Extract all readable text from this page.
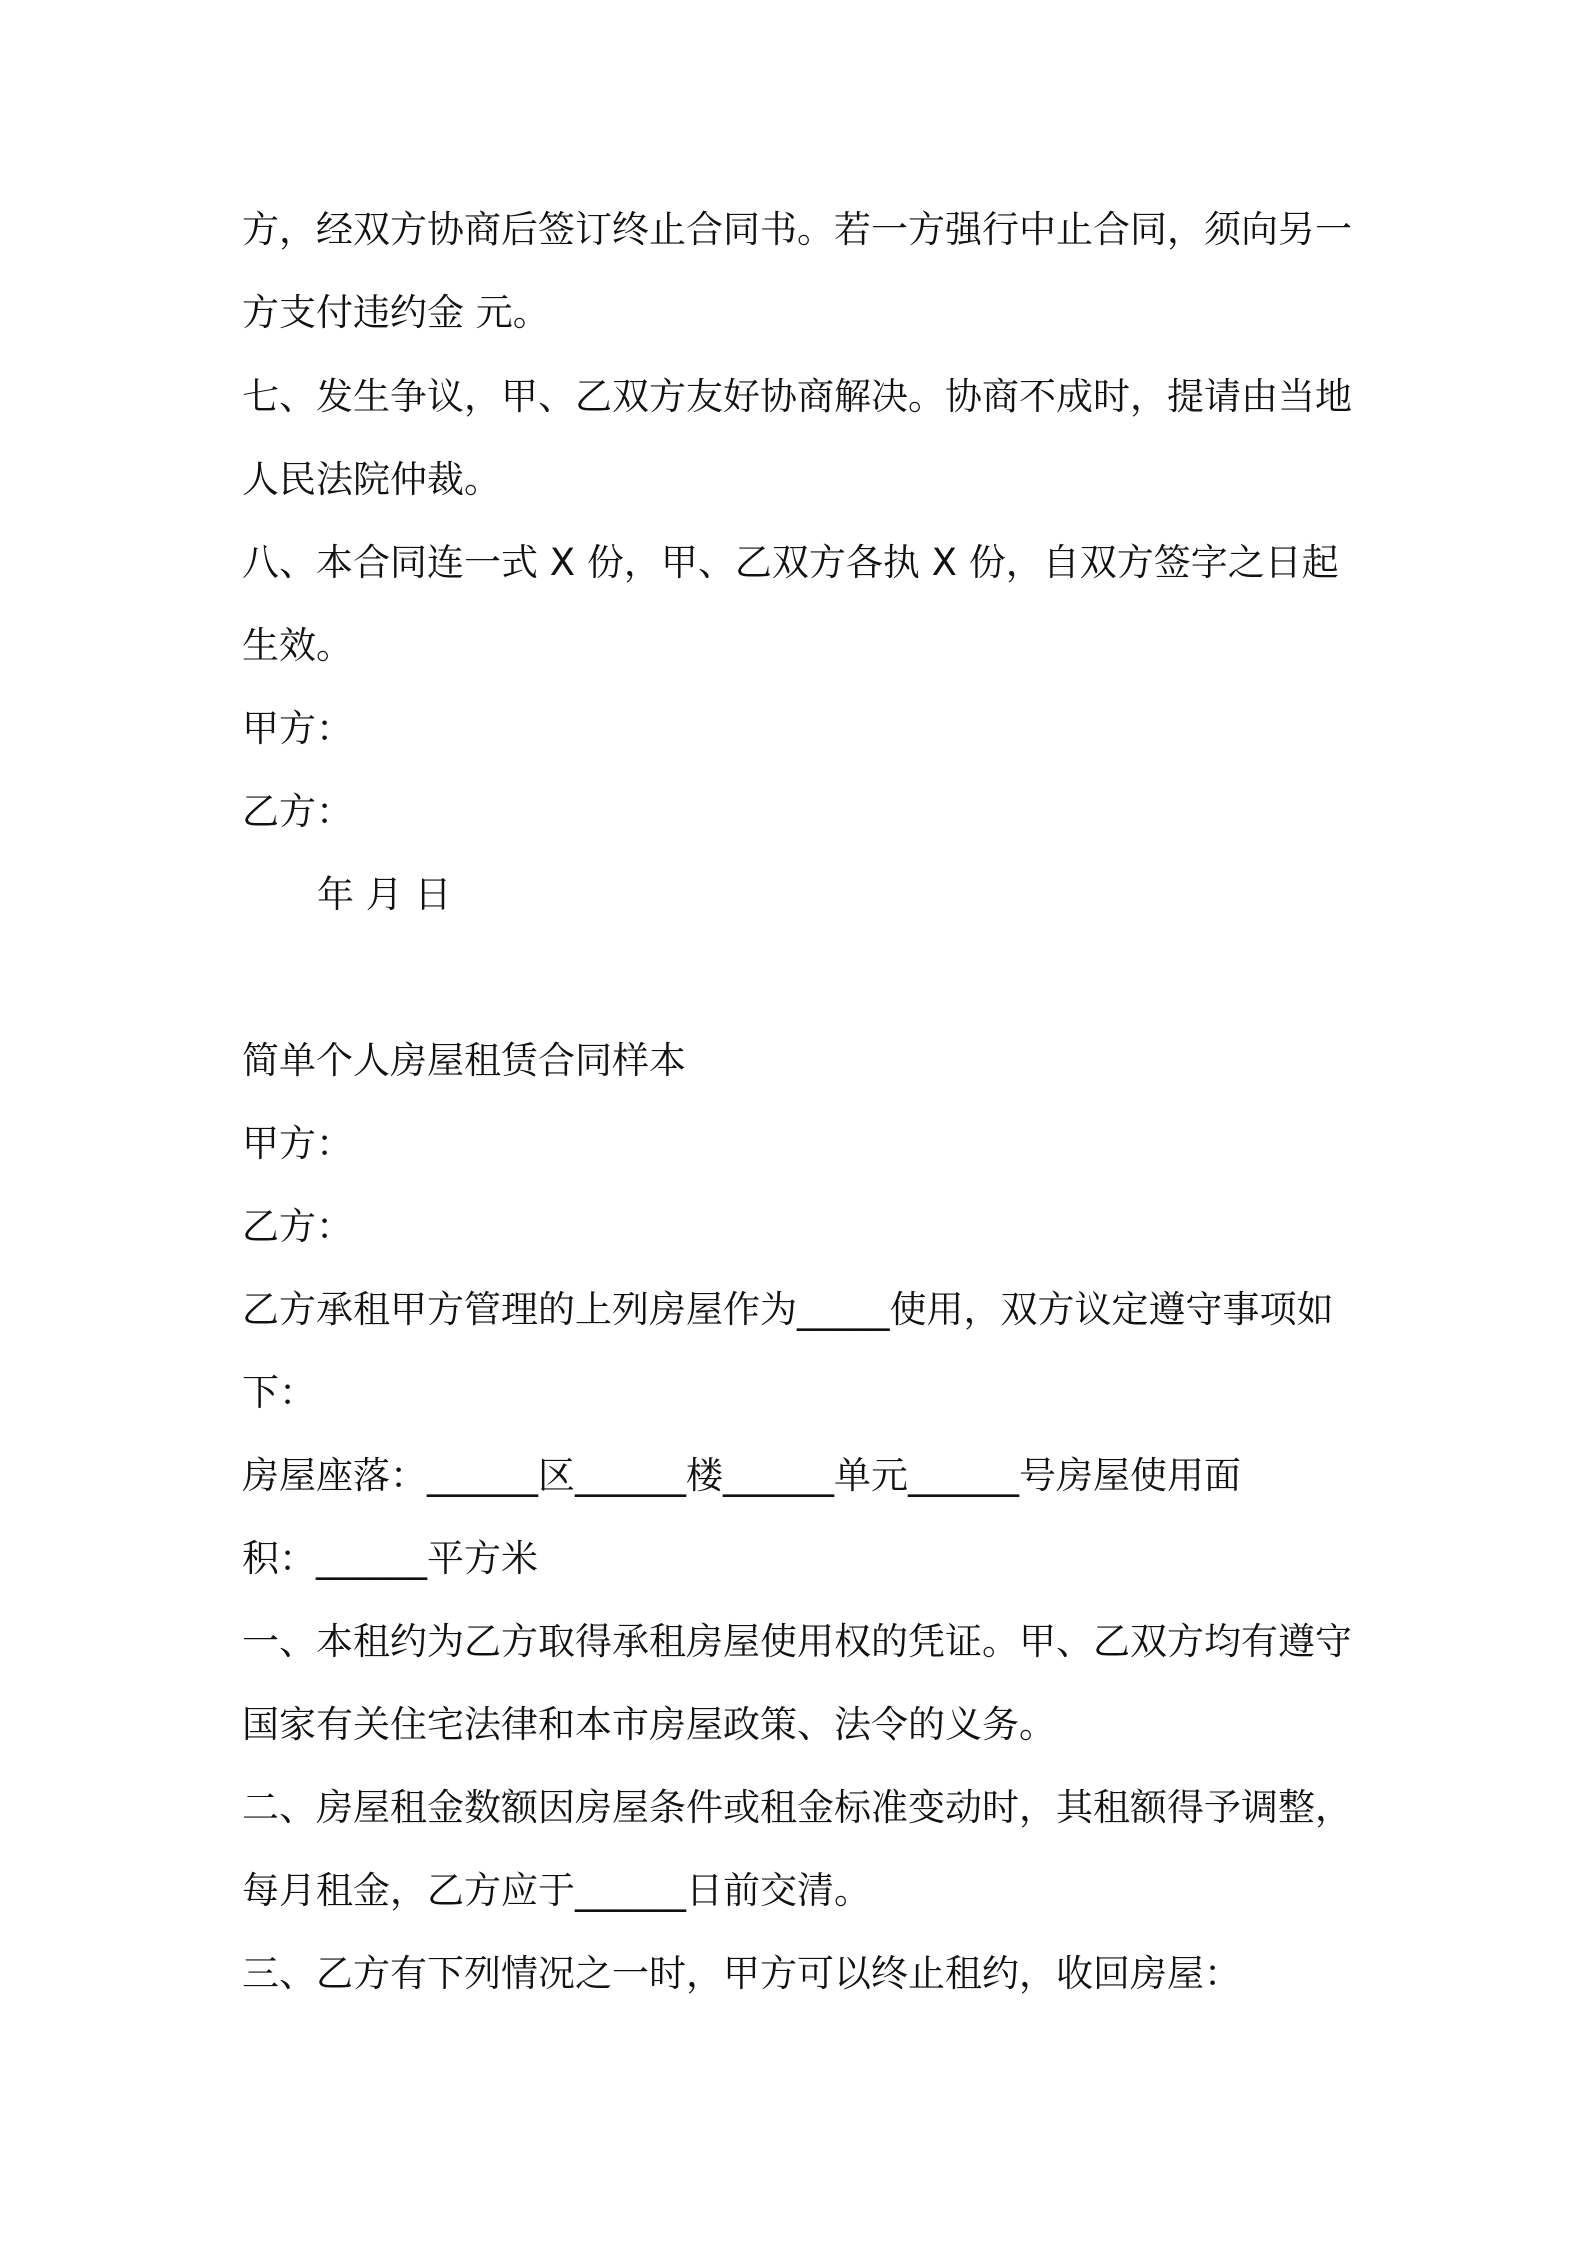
方，经双方协商后签订终止合同书。若一方强行中止合同，须向另一
方支付违约金 元。
七、发生争议，甲、乙双方友好协商解决。协商不成时，提请由当地
人民法院仲裁。
八、本合同连一式 X 份，甲、乙双方各执 X 份，自双方签字之日起
生效。
甲方：
乙方：
年 月 日
简单个人房屋租赁合同样本
甲方：
乙方：
乙方承租甲方管理的上列房屋作为_____使用，双方议定遵守事项如
下：
房屋座落：______区______楼______单元______号房屋使用面
积：______平方米
一、本租约为乙方取得承租房屋使用权的凭证。甲、乙双方均有遵守
国家有关住宅法律和本市房屋政策、法令的义务。
二、房屋租金数额因房屋条件或租金标准变动时，其租额得予调整，
每月租金，乙方应于______日前交清。
三、乙方有下列情况之一时，甲方可以终止租约，收回房屋：
